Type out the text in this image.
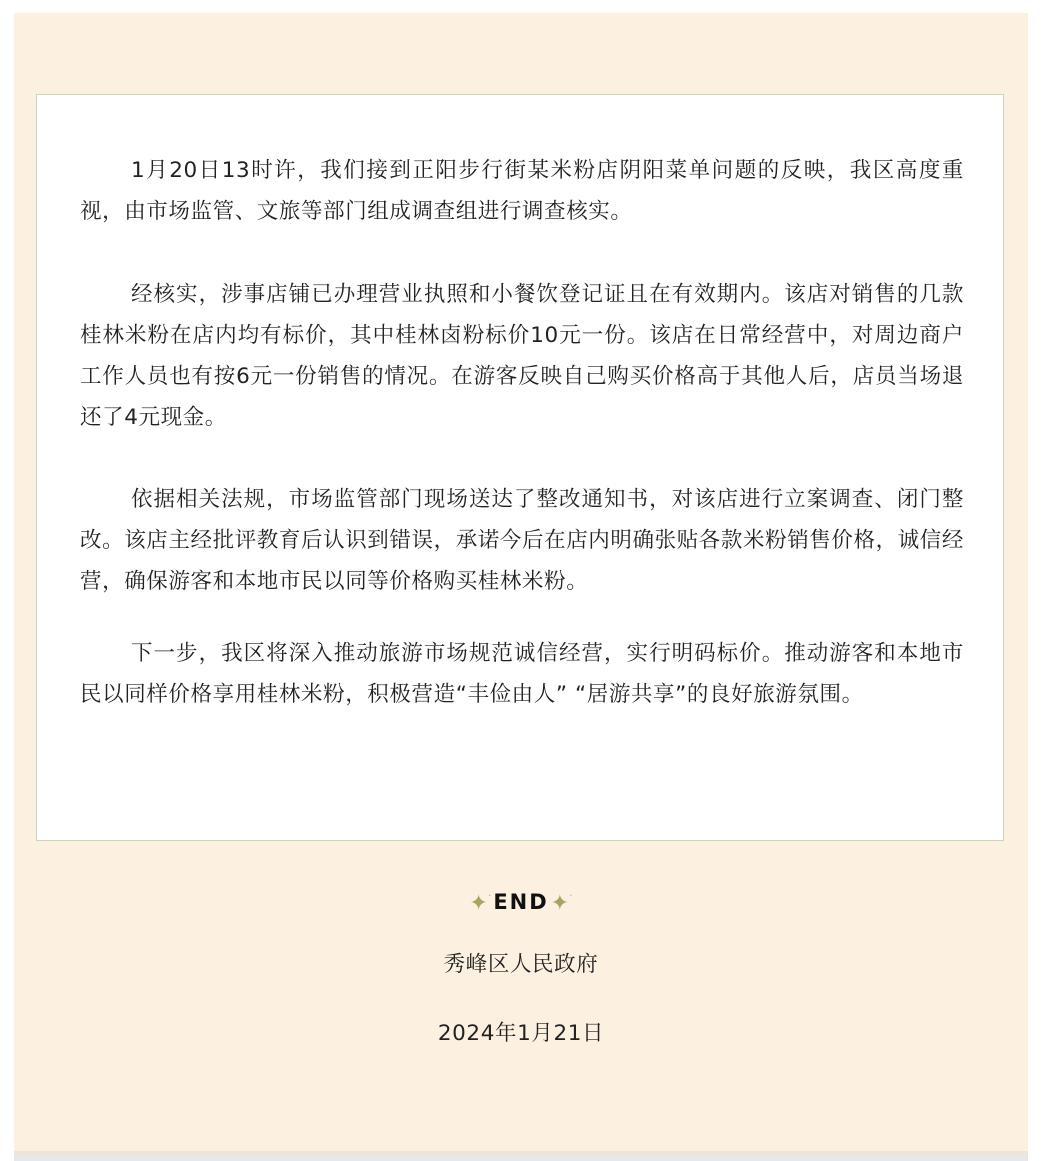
1月20日13时许，我们接到正阳步行街某米粉店阴阳菜单问题的反映，我区高度重视，由市场监管、文旅等部门组成调查组进行调查核实。

经核实，涉事店铺已办理营业执照和小餐饮登记证且在有效期内。该店对销售的几款桂林米粉在店内均有标价，其中桂林卤粉标价10元一份。该店在日常经营中，对周边商户工作人员也有按6元一份销售的情况。在游客反映自己购买价格高于其他人后，店员当场退还了4元现金。

依据相关法规，市场监管部门现场送达了整改通知书，对该店进行立案调查、闭门整改。该店主经批评教育后认识到错误，承诺今后在店内明确张贴各款米粉销售价格，诚信经营，确保游客和本地市民以同等价格购买桂林米粉。

下一步，我区将深入推动旅游市场规范诚信经营，实行明码标价。推动游客和本地市民以同样价格享用桂林米粉，积极营造“丰俭由人” “居游共享”的良好旅游氛围。

✦·END✦·
秀峰区人民政府
2024年1月21日
